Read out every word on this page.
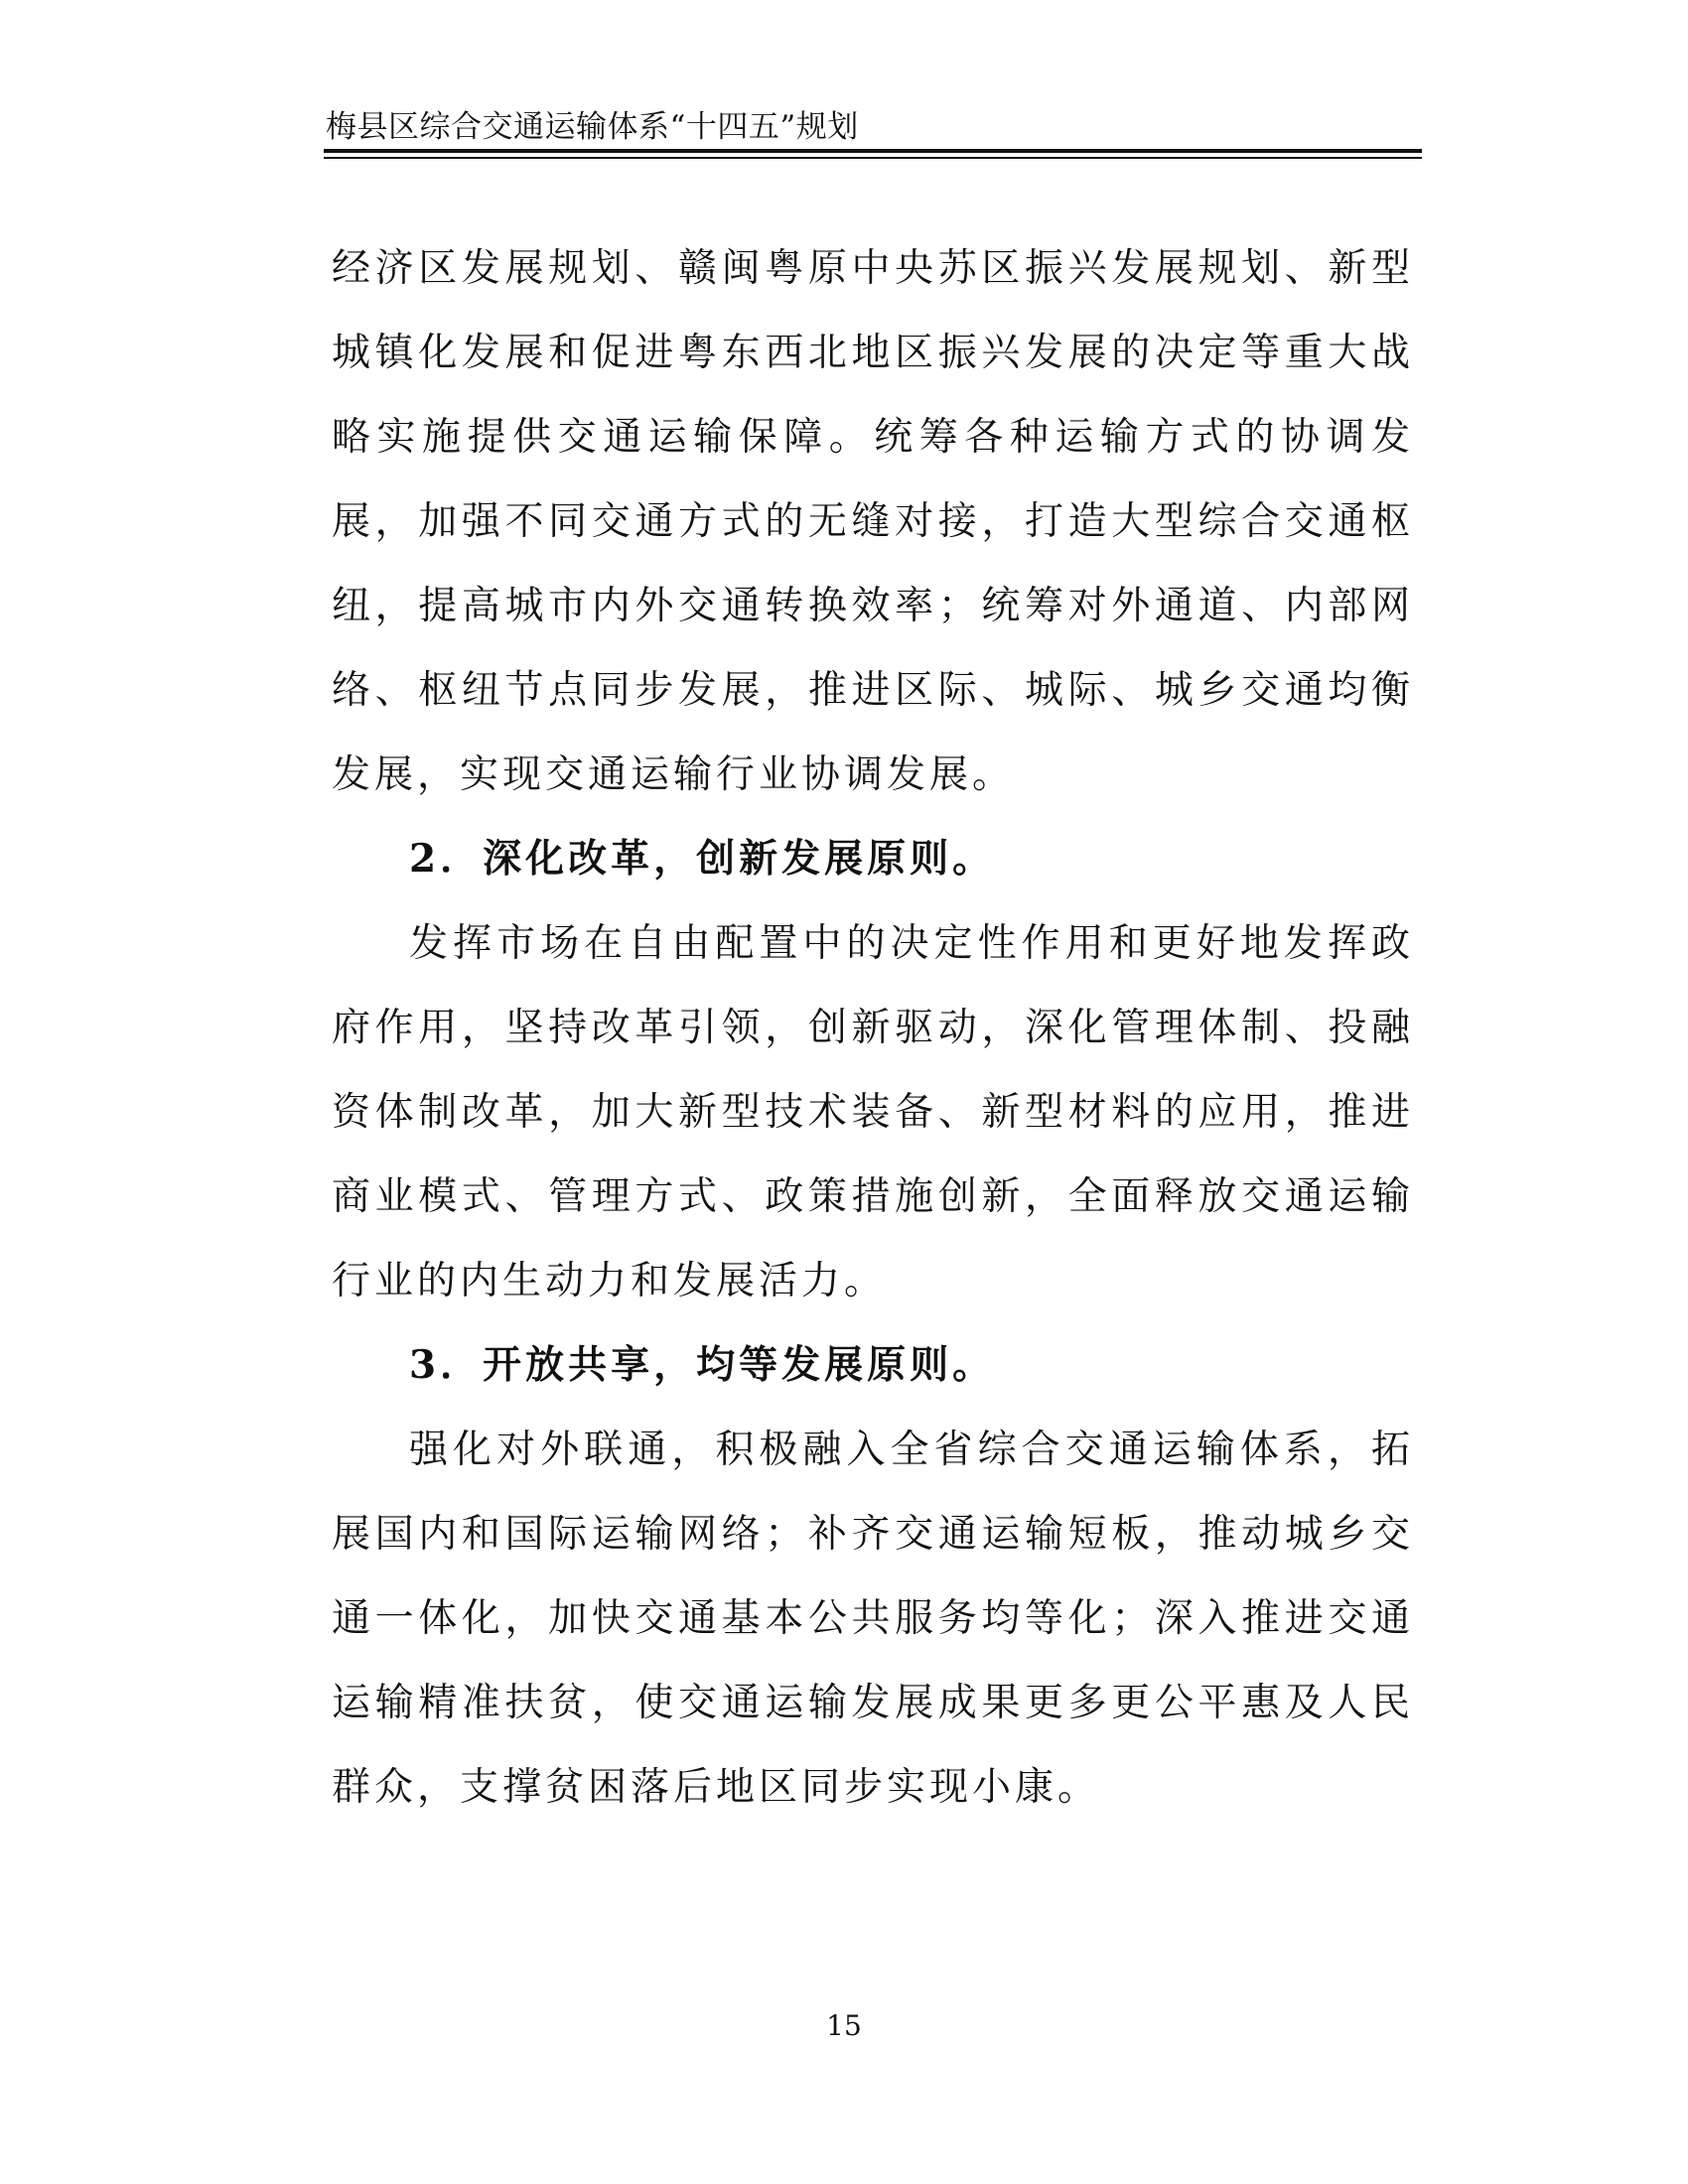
梅县区综合交通运输体系“十四五”规划

经济区发展规划、赣闽粤原中央苏区振兴发展规划、新型城镇化发展和促进粤东西北地区振兴发展的决定等重大战略实施提供交通运输保障。统筹各种运输方式的协调发展，加强不同交通方式的无缝对接，打造大型综合交通枢纽，提高城市内外交通转换效率；统筹对外通道、内部网络、枢纽节点同步发展，推进区际、城际、城乡交通均衡发展，实现交通运输行业协调发展。

2．深化改革，创新发展原则。

发挥市场在自由配置中的决定性作用和更好地发挥政府作用，坚持改革引领，创新驱动，深化管理体制、投融资体制改革，加大新型技术装备、新型材料的应用，推进商业模式、管理方式、政策措施创新，全面释放交通运输行业的内生动力和发展活力。

3．开放共享，均等发展原则。

强化对外联通，积极融入全省综合交通运输体系，拓展国内和国际运输网络；补齐交通运输短板，推动城乡交通一体化，加快交通基本公共服务均等化；深入推进交通运输精准扶贫，使交通运输发展成果更多更公平惠及人民群众，支撑贫困落后地区同步实现小康。

15
